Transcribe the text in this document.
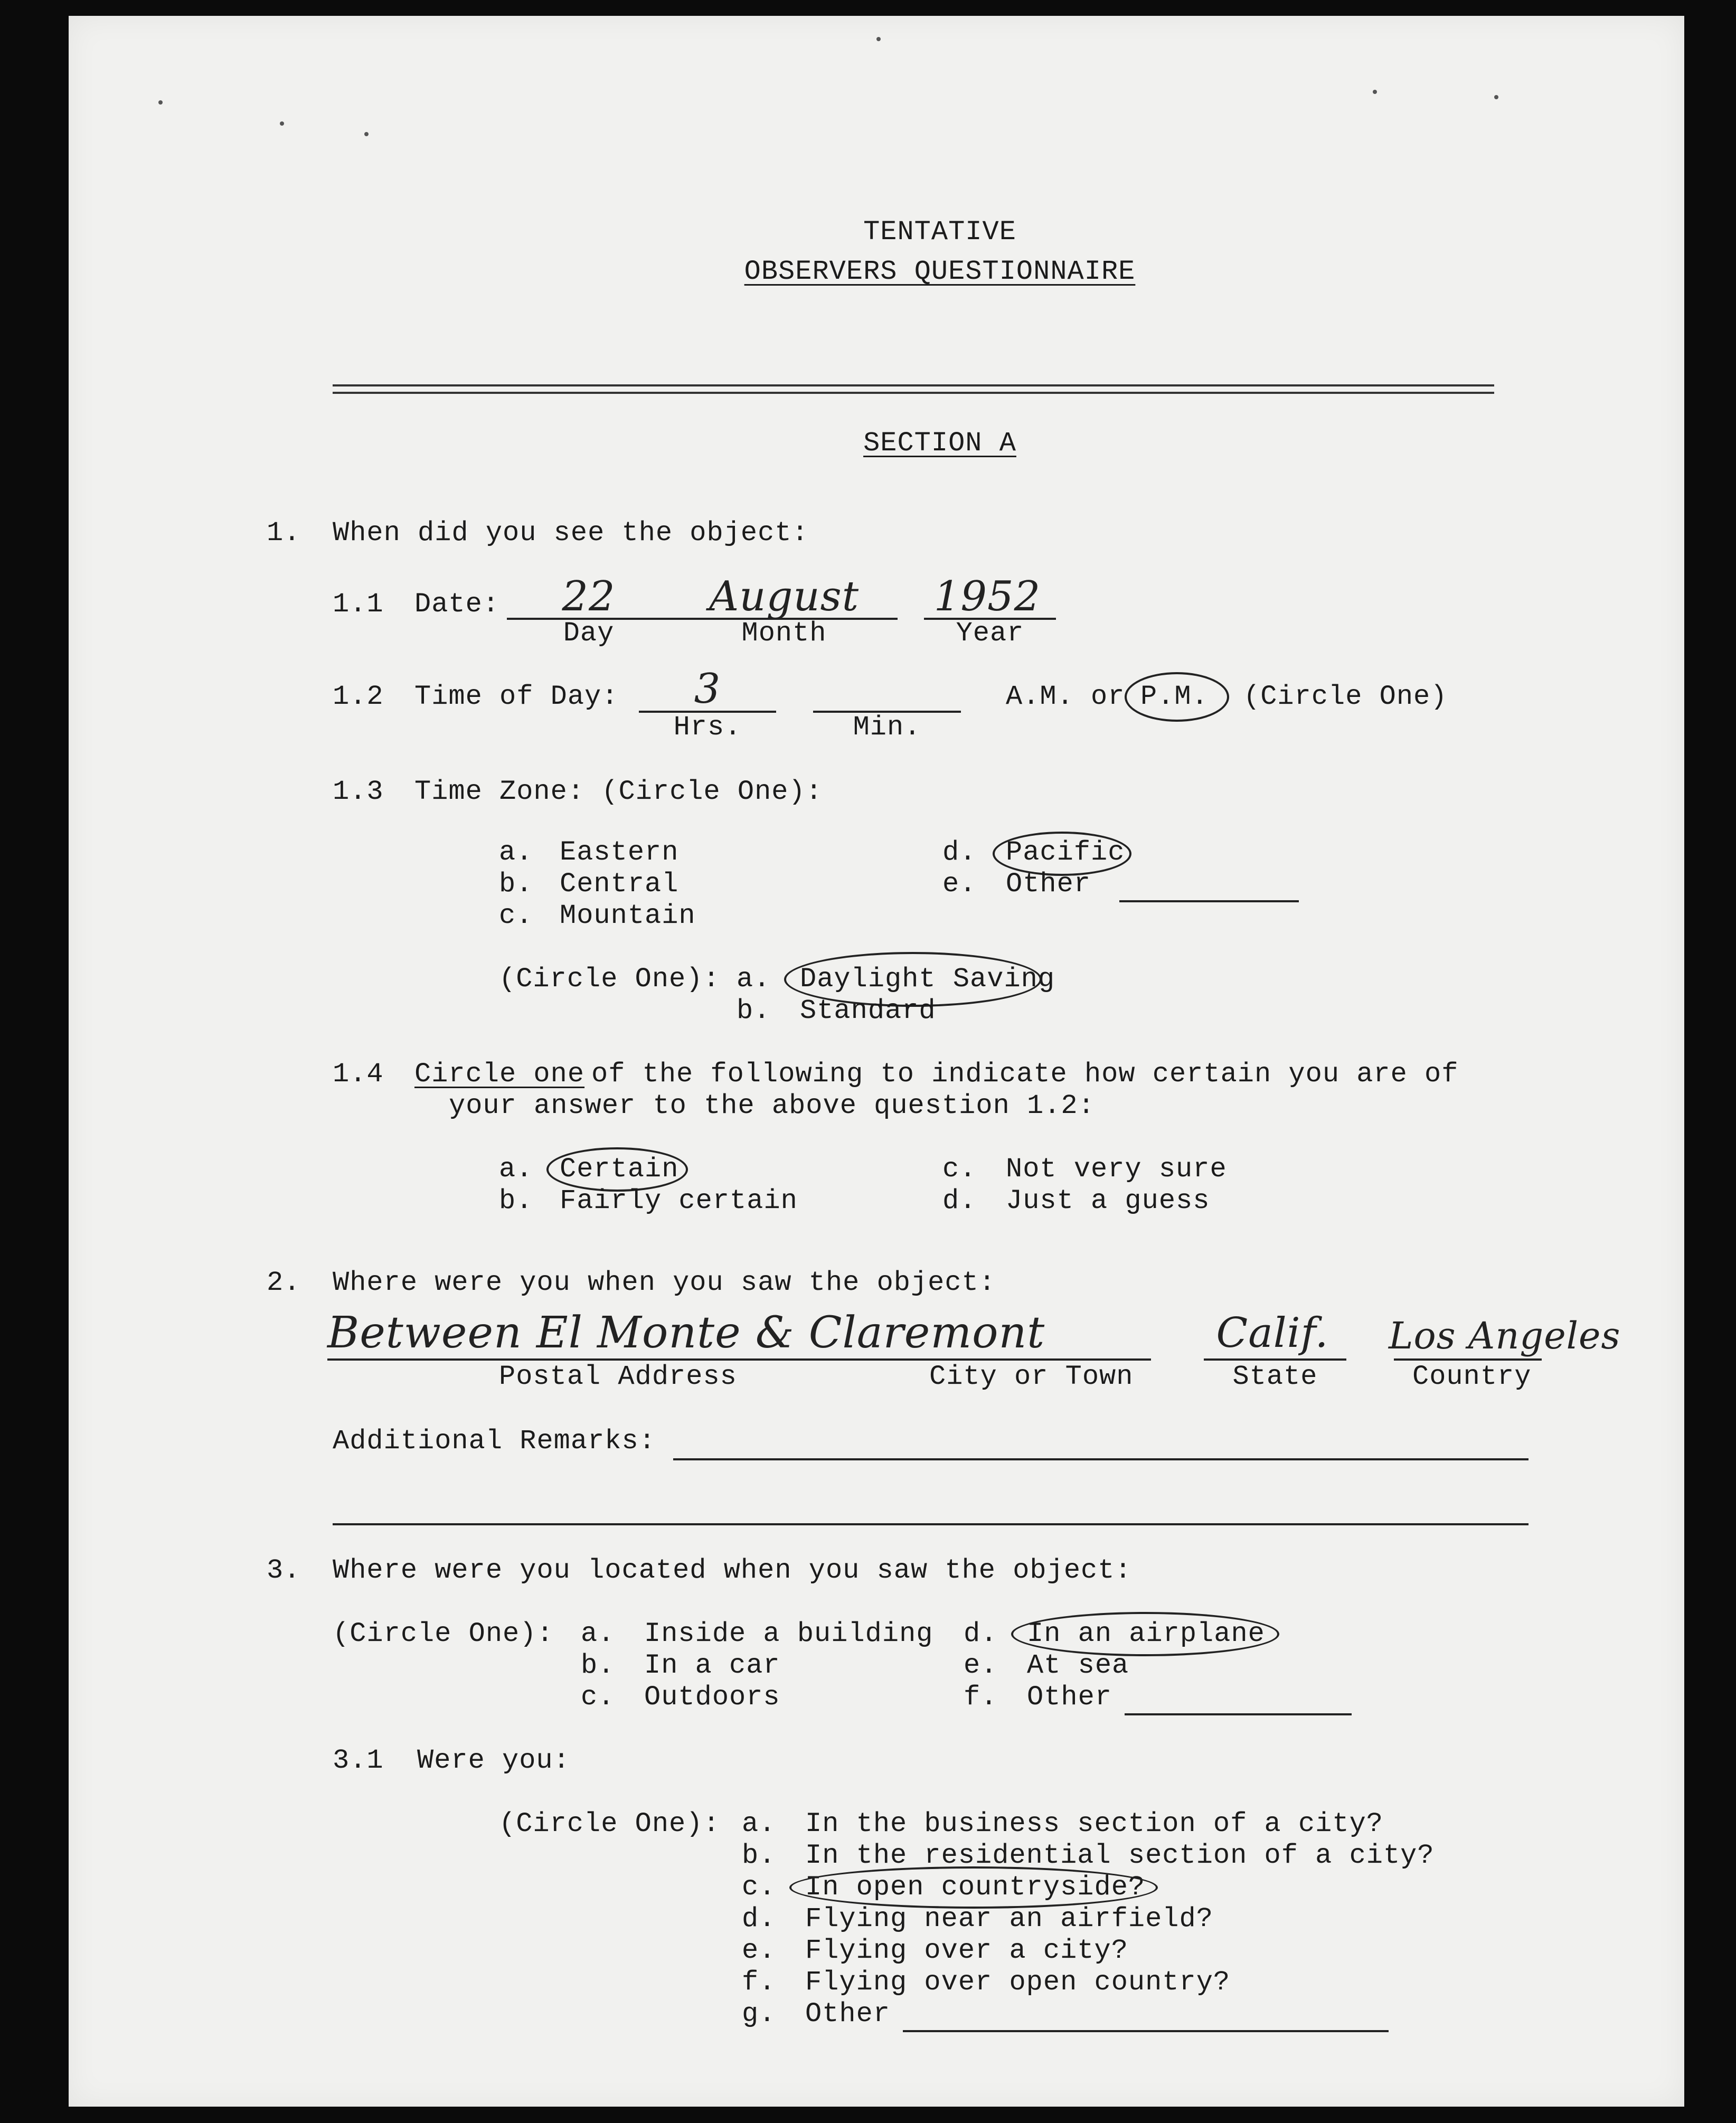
TENTATIVE
OBSERVERS QUESTIONNAIRE
SECTION A
1. When did you see the object:
1.1 Date:	22
Day
August
Month
1952
Year
1.2 Time of Day:	3
Hrs.	Min.
A.M. or P.M. (Circle One)
1.3 Time Zone: (Circle One):
a. Eastern
b. Central
c. Mountain
d. Pacific
e. Other
(Circle One): a. Daylight Saving
b. Standard
1.4 Circle one of the following to indicate how certain you are of
your answer to the above question 1.2:
a. Certain
b. Fairly certain
c. Not very sure
d. Just a guess
2. Where were you when you saw the object:
Between El Monte & Claremont
Postal Address	City or Town
Calif.
State
Los Angeles
Country
Additional Remarks:
3. Where were you located when you saw the object:
(Circle One): a. Inside a building
b. In a car
c. Outdoors
d. In an airplane
e. At sea
f. Other
3.1 Were you:
(Circle One): a. In the business section of a city?
b. In the residential section of a city?
c. In open countryside?
d. Flying near an airfield?
e. Flying over a city?
f. Flying over open country?
g. Other
